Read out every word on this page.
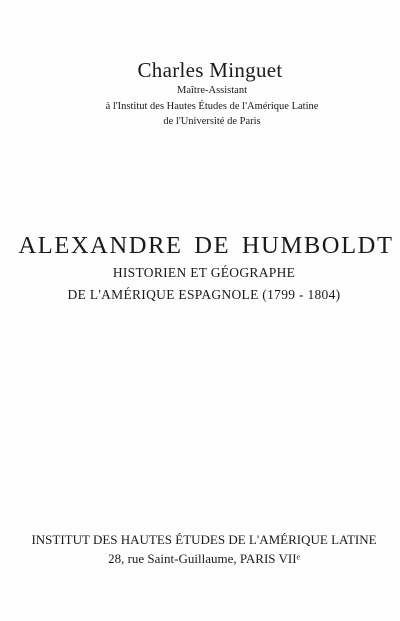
Charles Minguet
Maître-Assistant
à l'Institut des Hautes Études de l'Amérique Latine
de l'Université de Paris
ALEXANDRE DE HUMBOLDT
HISTORIEN ET GÉOGRAPHE
DE L'AMÉRIQUE ESPAGNOLE (1799 - 1804)
INSTITUT DES HAUTES ÉTUDES DE L'AMÉRIQUE LATINE
28, rue Saint-Guillaume, PARIS VIIᵉ
